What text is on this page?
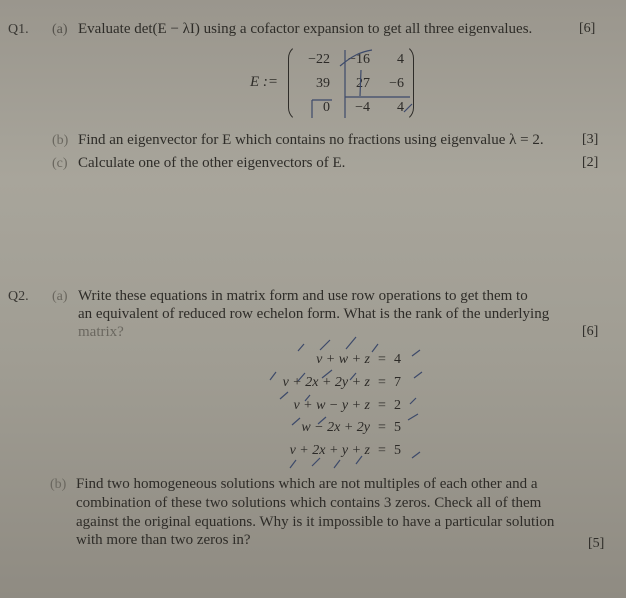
Q1. (a) Evaluate det(E − λI) using a cofactor expansion to get all three eigenvalues.	[6]
E :=
−22	−16	4
39	27	−6
0	−4	4
(b) Find an eigenvector for E which contains no fractions using eigenvalue λ = 2.	[3]
(c) Calculate one of the other eigenvectors of E.	[2]
Q2. (a) Write these equations in matrix form and use row operations to get them to
an equivalent of reduced row echelon form. What is the rank of the underlying
matrix?	[6]
v + w + z = 4
v + 2x + 2y + z = 7
v + w − y + z = 2
w − 2x + 2y = 5
v + 2x + y + z = 5
(b) Find two homogeneous solutions which are not multiples of each other and a
combination of these two solutions which contains 3 zeros. Check all of them
against the original equations. Why is it impossible to have a particular solution
with more than two zeros in?	[5]
